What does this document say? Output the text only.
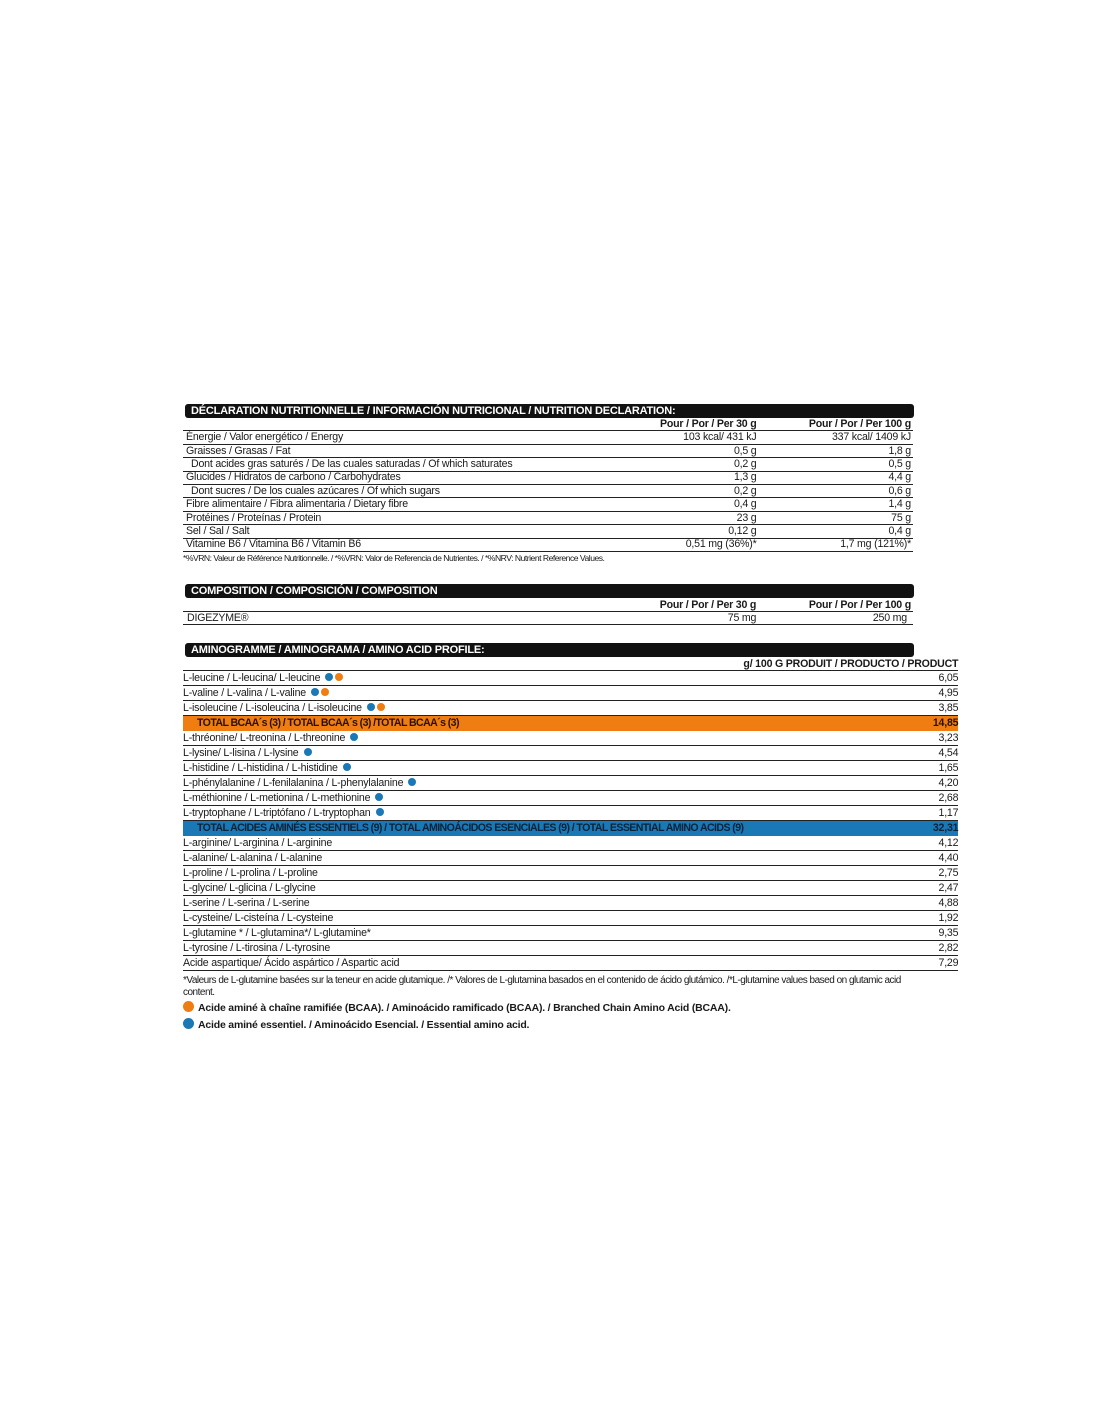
DÉCLARATION NUTRITIONNELLE / INFORMACIÓN NUTRICIONAL / NUTRITION DECLARATION:
	Pour / Por / Per 30 g	Pour / Por / Per 100 g
Énergie / Valor energético / Energy	103 kcal/ 431 kJ	337 kcal/ 1409 kJ
Graisses / Grasas / Fat	0,5 g	1,8 g
Dont acides gras saturés / De las cuales saturadas / Of which saturates	0,2 g	0,5 g
Glucides / Hidratos de carbono / Carbohydrates	1,3 g	4,4 g
Dont sucres / De los cuales azúcares / Of which sugars	0,2 g	0,6 g
Fibre alimentaire / Fibra alimentaria / Dietary fibre	0,4 g	1,4 g
Protéines / Proteínas / Protein	23 g	75 g
Sel / Sal / Salt	0,12 g	0,4 g
Vitamine B6 / Vitamina B6 / Vitamin B6	0,51 mg (36%)*	1,7 mg (121%)*
*%VRN: Valeur de Référence Nutritionnelle. / *%VRN: Valor de Referencia de Nutrientes. / *%NRV: Nutrient Reference Values.
COMPOSITION / COMPOSICIÓN / COMPOSITION
	Pour / Por / Per 30 g	Pour / Por / Per 100 g
DIGEZYME®	75 mg	250 mg
AMINOGRAMME / AMINOGRAMA / AMINO ACID PROFILE:
	g/ 100 G PRODUIT / PRODUCTO / PRODUCT
L-leucine / L-leucina/ L-leucine	6,05
L-valine / L-valina / L-valine	4,95
L-isoleucine / L-isoleucina / L-isoleucine	3,85
TOTAL BCAA´s (3) / TOTAL BCAA´s (3) /TOTAL BCAA´s (3)	14,85
L-thréonine/ L-treonina / L-threonine	3,23
L-lysine/ L-lisina / L-lysine	4,54
L-histidine / L-histidina / L-histidine	1,65
L-phénylalanine / L-fenilalanina / L-phenylalanine	4,20
L-méthionine / L-metionina / L-methionine	2,68
L-tryptophane / L-triptófano / L-tryptophan	1,17
TOTAL ACIDES AMINÉS ESSENTIELS (9) / TOTAL AMINOÁCIDOS ESENCIALES (9) / TOTAL ESSENTIAL AMINO ACIDS (9)	32,31
L-arginine/ L-arginina / L-arginine	4,12
L-alanine/ L-alanina / L-alanine	4,40
L-proline / L-prolina / L-proline	2,75
L-glycine/ L-glicina / L-glycine	2,47
L-serine / L-serina / L-serine	4,88
L-cysteine/ L-cisteína / L-cysteine	1,92
L-glutamine * / L-glutamina*/ L-glutamine*	9,35
L-tyrosine / L-tirosina / L-tyrosine	2,82
Acide aspartique/ Ácido aspártico / Aspartic acid	7,29
*Valeurs de L-glutamine basées sur la teneur en acide glutamique. /* Valores de L-glutamina basados en el contenido de ácido glutámico. /*L-glutamine values based on glutamic acid content.
Acide aminé à chaîne ramifiée (BCAA). / Aminoácido ramificado (BCAA). / Branched Chain Amino Acid (BCAA).
Acide aminé essentiel. / Aminoácido Esencial. / Essential amino acid.
